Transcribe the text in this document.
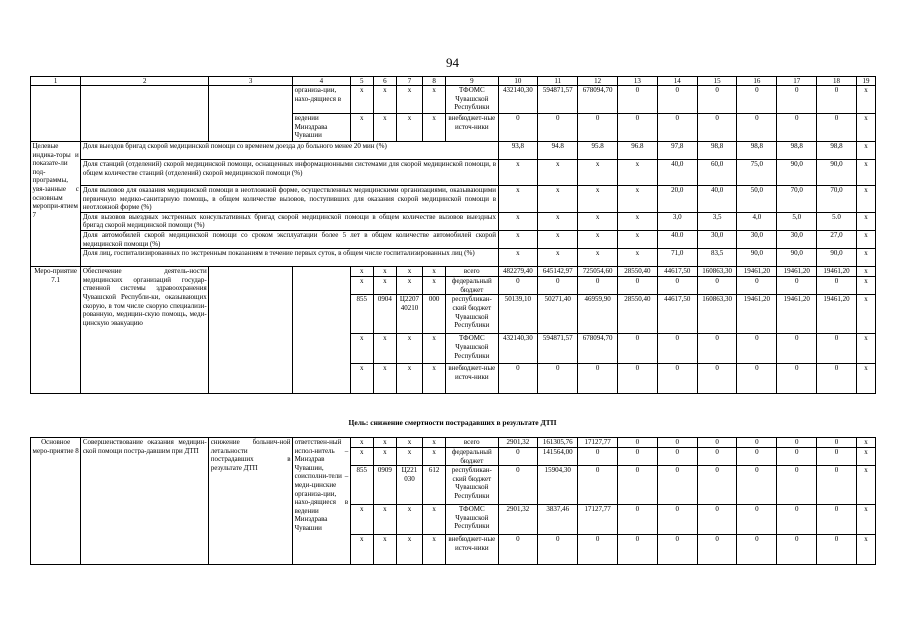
94
1	2	3	4	5	6	7	8	9	10	11	12	13	14	15	16	17	18	19
			организа-ции, нахо-дящиеся в	x	x	x	x	ТФОМС Чувашской Республики	432140,30	594871,57	678094,70	0	0	0	0	0	0	x
			ведении Минздрава Чувашии	x	x	x	x	внебюджет-ные источ-ники	0	0	0	0	0	0	0	0	0	x
Целевые индика-торы и показате-ли под-программы, увя-занные с основным меропри-ятием 7	Доля выездов бригад скорой медицинской помощи со временем доезда до больного менее 20 мин (%)								93,8	94.8	95.8	96.8	97,8	98,8	98,8	98,8	98,8	x
	Доля станций (отделений) скорой медицинской помощи, оснащенных информационными системами для скорой медицинской помощи, в общем количестве станций (отделений) скорой медицинской помощи (%)								x	x	x	x	40,0	60,0	75,0	90,0	90,0	x
	Доля вызовов для оказания медицинской помощи в неотложной форме, осуществленных медицинскими организациями, оказывающими первичную медико-санитарную помощь, в общем количестве вызовов, поступивших для оказания скорой медицинской помощи в неотложной форме (%)								x	x	x	x	20,0	40,0	50,0	70,0	70,0	x
	Доля вызовов выездных экстренных консультативных бригад скорой медицинской помощи в общем количестве вызовов выездных бригад скорой медицинской помощи (%)								x	x	x	x	3,0	3,5	4,0	5,0	5.0	x
	Доля автомобилей скорой медицинской помощи со сроком эксплуатации более 5 лет в общем количестве автомобилей скорой медицинской помощи (%)								x	x	x	x	40.0	30,0	30,0	30,0	27,0	x
	Доля лиц, госпитализированных по экстренным показаниям в течение первых суток, в общем числе госпитализированных лиц (%)								x	x	x	x	71,0	83,5	90,0	90,0	90,0	x
Меро-приятие 7.1	Обеспечение деятель-ности медицинских организаций государ-ственной системы здравоохранения Чувашской Республи-ки, оказывающих скорую, в том числе скорую специализи-рованную, медицин-скую помощь, меди-цинскую эвакуацию			x	x	x	x	всего	482279,40	645142,97	725054,60	28550,40	44617,50	160863,30	19461,20	19461,20	19461,20	x
				x	x	x	x	федеральный бюджет	0	0	0	0	0	0	0	0	0	x
				855	0904	Ц2207 40210	000	республикан-ский бюджет Чувашской Республики	50139,10	50271,40	46959,90	28550,40	44617,50	160863,30	19461,20	19461,20	19461,20	x
				x	x	x	x	ТФОМС Чувашской Республики	432140,30	594871,57	678094,70	0	0	0	0	0	0	x
				x	x	x	x	внебюджет-ные источ-ники	0	0	0	0	0	0	0	0	0	x
Цель: снижение смертности пострадавших в результате ДТП
Основное меро-приятие 8	Совершенствование оказания медицин-ской помощи постра-давшим при ДТП	снижение больнич-ной летальности пострадавших в результате ДТП	ответствен-ный испол-нитель – Минздрав Чувашии, соисполни-тели – меди-цинские организа-ции, нахо-дящиеся в ведении Минздрава Чувашии	x	x	x	x	всего	2901,32	161305,76	17127,77	0	0	0	0	0	0	x
				x	x	x	x	федеральный бюджет	0	141564,00	0	0	0	0	0	0	0	x
				855	0909	Ц221 030	612	республикан-ский бюджет Чувашской Республики	0	15904,30	0	0	0	0	0	0	0	x
				x	x	x	x	ТФОМС Чувашской Республики	2901,32	3837,46	17127,77	0	0	0	0	0	0	x
				x	x	x	x	внебюджет-ные источ-ники	0	0	0	0	0	0	0	0	0	x
